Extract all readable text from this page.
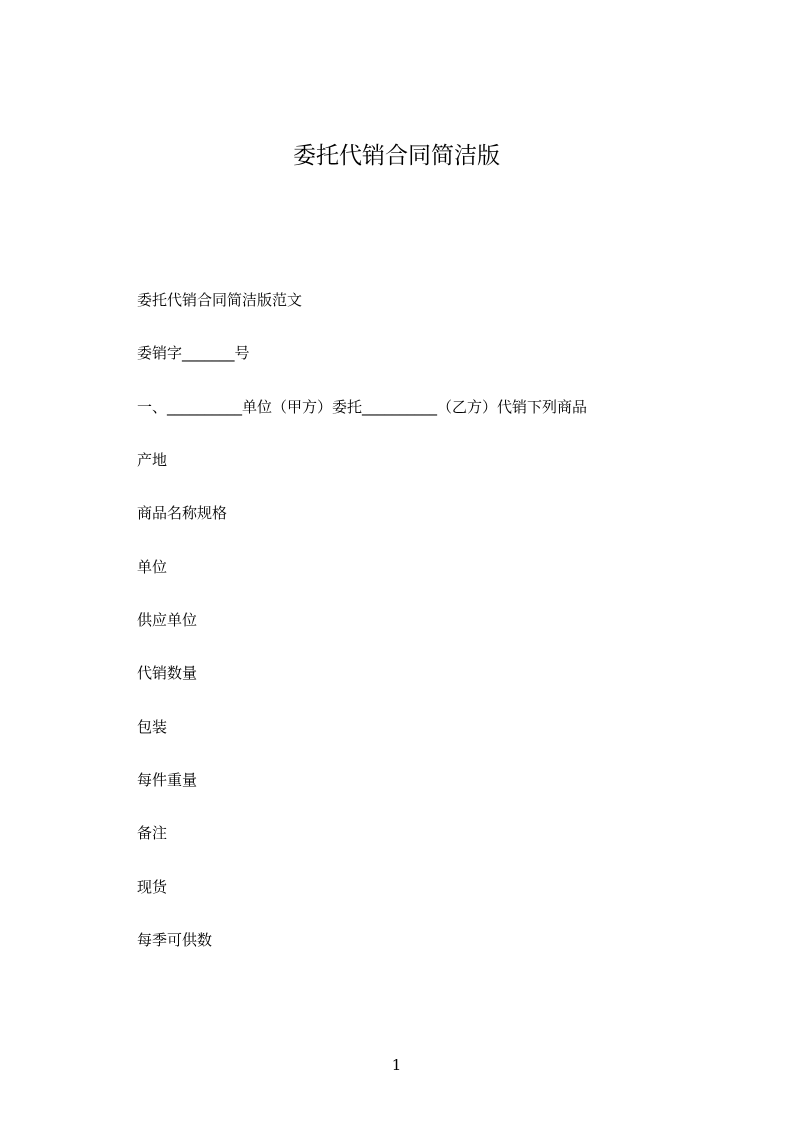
委托代销合同简洁版
委托代销合同简洁版范文
委销字_______号
一、__________单位（甲方）委托__________（乙方）代销下列商品
产地
商品名称规格
单位
供应单位
代销数量
包装
每件重量
备注
现货
每季可供数
1
